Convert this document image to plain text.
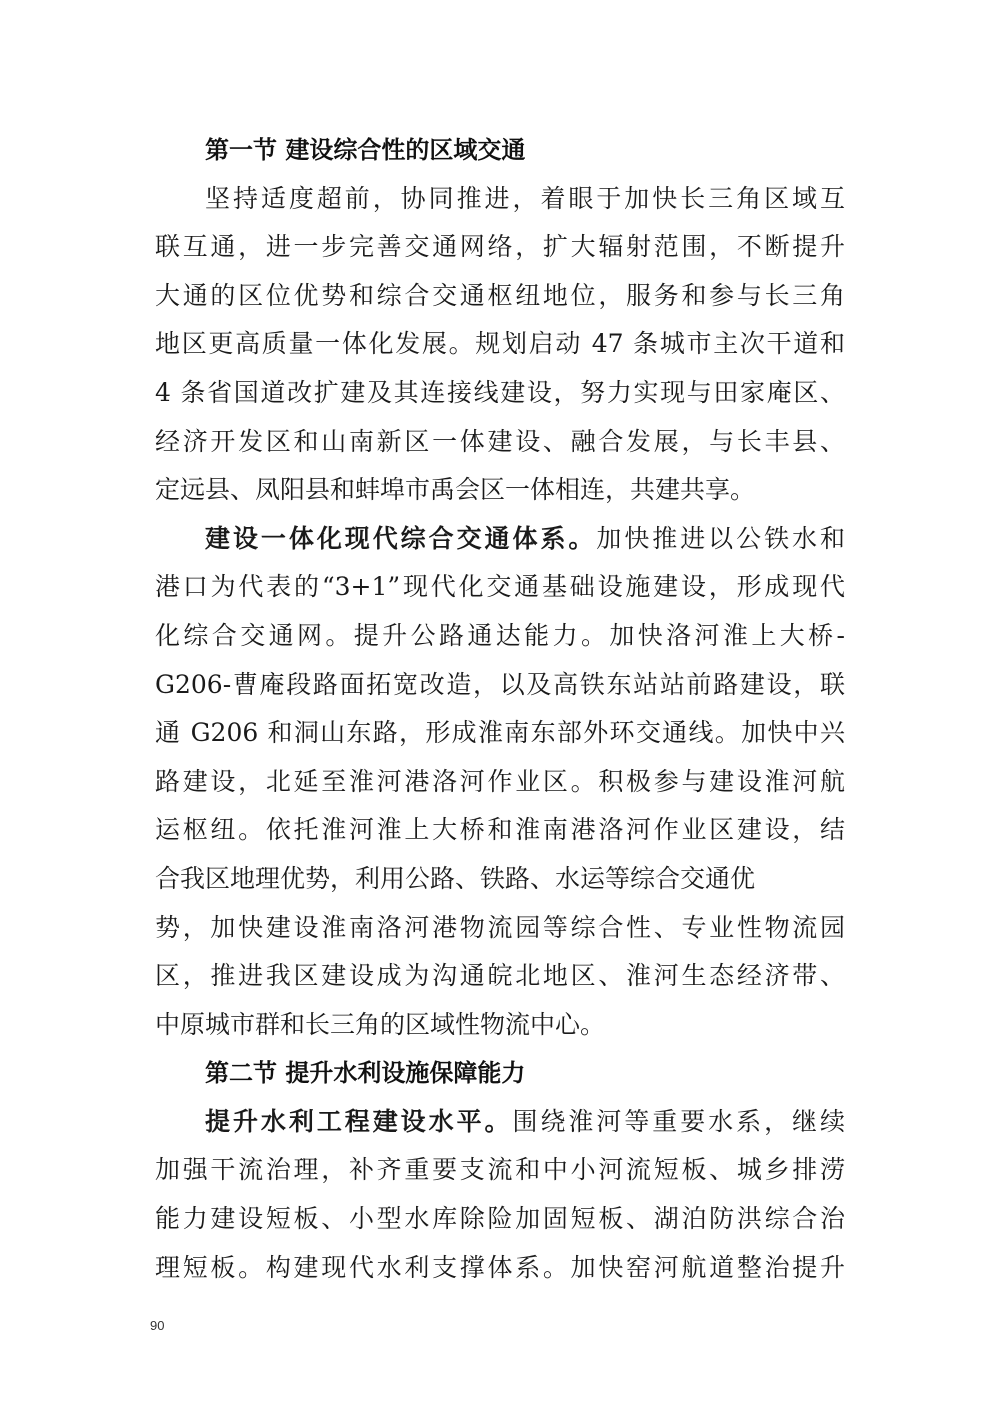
第一节 建设综合性的区域交通
坚持适度超前，协同推进，着眼于加快长三角区域互
联互通，进一步完善交通网络，扩大辐射范围，不断提升
大通的区位优势和综合交通枢纽地位，服务和参与长三角
地区更高质量一体化发展。规划启动 47 条城市主次干道和
4 条省国道改扩建及其连接线建设，努力实现与田家庵区、
经济开发区和山南新区一体建设、融合发展，与长丰县、
定远县、凤阳县和蚌埠市禹会区一体相连，共建共享。
建设一体化现代综合交通体系。加快推进以公铁水和
港口为代表的“3+1”现代化交通基础设施建设，形成现代
化综合交通网。提升公路通达能力。加快洛河淮上大桥-
G206-曹庵段路面拓宽改造，以及高铁东站站前路建设，联
通 G206 和洞山东路，形成淮南东部外环交通线。加快中兴
路建设，北延至淮河港洛河作业区。积极参与建设淮河航
运枢纽。依托淮河淮上大桥和淮南港洛河作业区建设，结
合我区地理优势，利用公路、铁路、水运等综合交通优
势，加快建设淮南洛河港物流园等综合性、专业性物流园
区，推进我区建设成为沟通皖北地区、淮河生态经济带、
中原城市群和长三角的区域性物流中心。
第二节 提升水利设施保障能力
提升水利工程建设水平。围绕淮河等重要水系，继续
加强干流治理，补齐重要支流和中小河流短板、城乡排涝
能力建设短板、小型水库除险加固短板、湖泊防洪综合治
理短板。构建现代水利支撑体系。加快窑河航道整治提升
90
